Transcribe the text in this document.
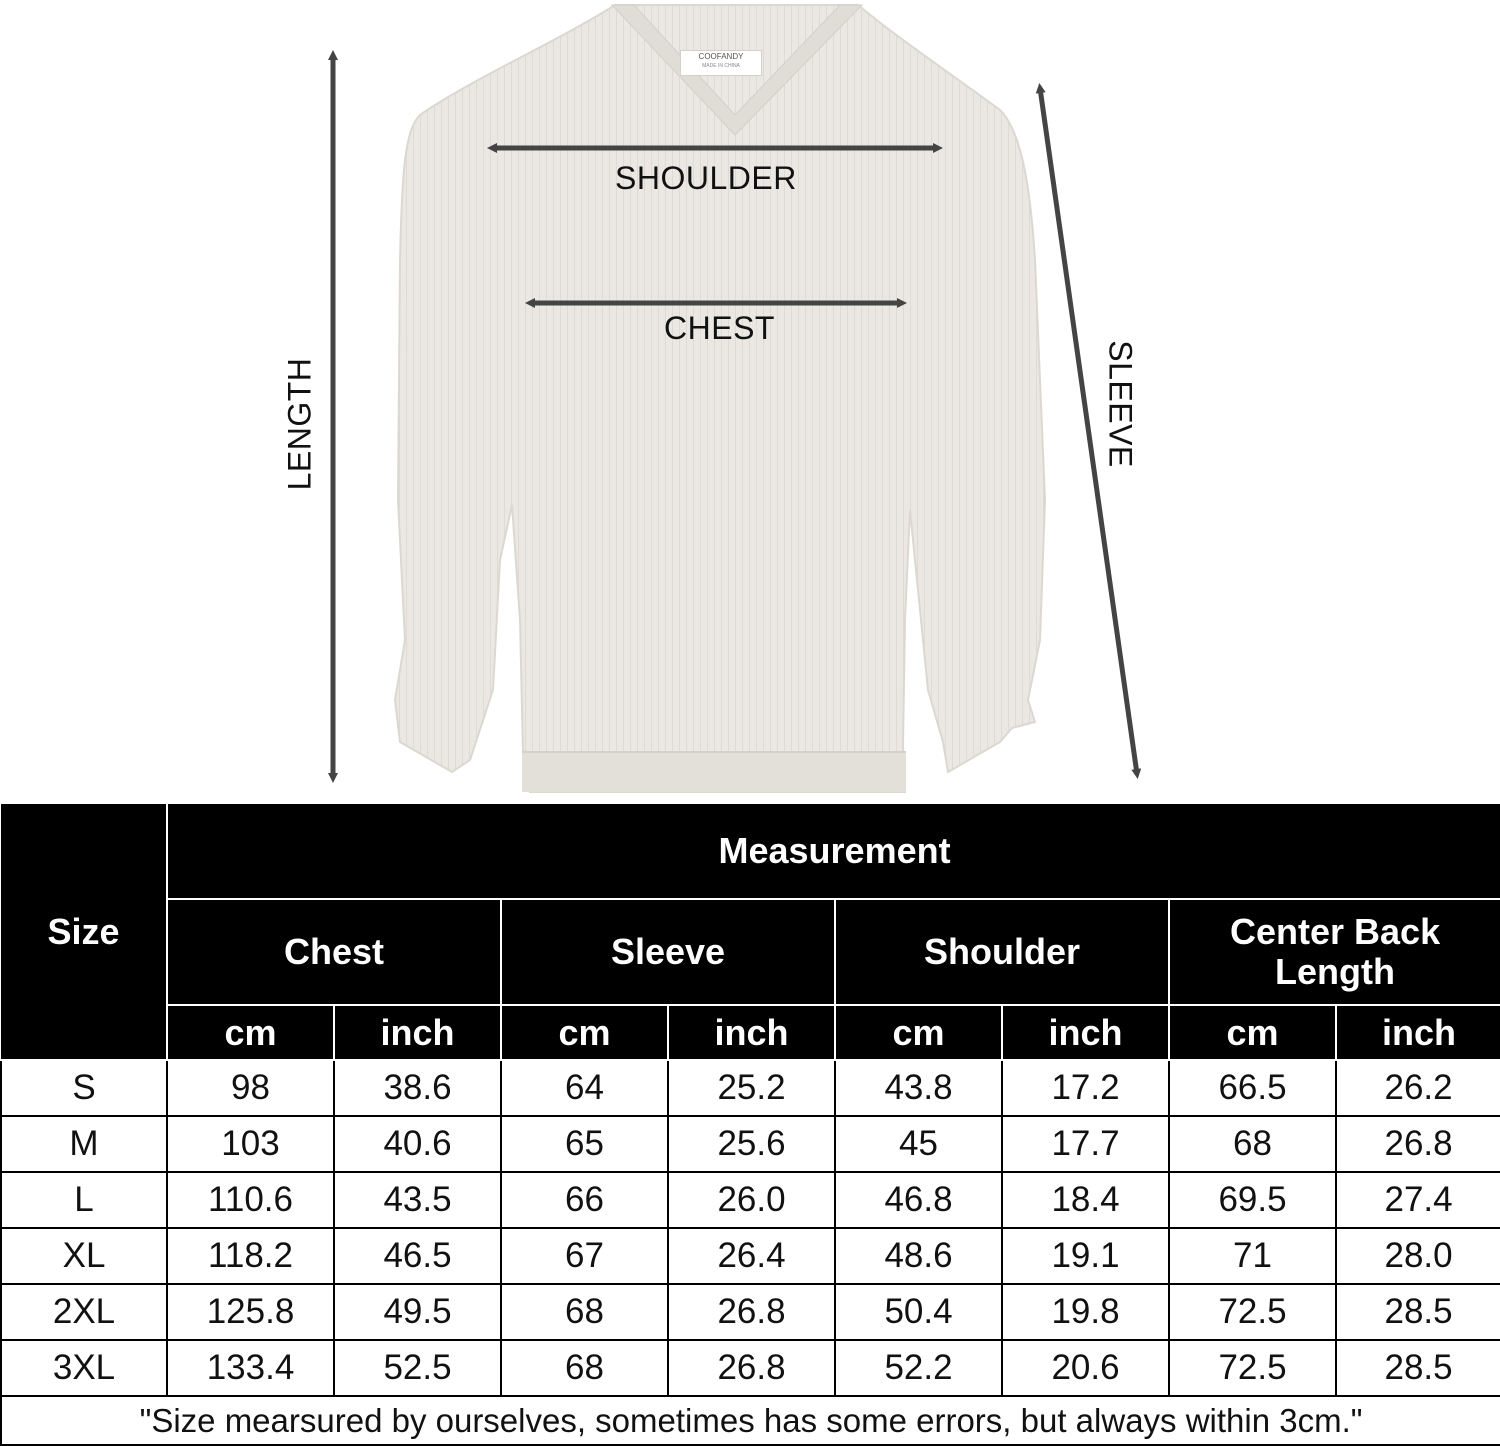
COOFANDY
MADE IN CHINA
SHOULDER
CHEST
LENGTH	SLEEVE
Size	Measurement							
	Chest		Sleeve		Shoulder		Center Back Length	
	cm	inch	cm	inch	cm	inch	cm	inch
S	98	38.6	64	25.2	43.8	17.2	66.5	26.2
M	103	40.6	65	25.6	45	17.7	68	26.8
L	110.6	43.5	66	26.0	46.8	18.4	69.5	27.4
XL	118.2	46.5	67	26.4	48.6	19.1	71	28.0
2XL	125.8	49.5	68	26.8	50.4	19.8	72.5	28.5
3XL	133.4	52.5	68	26.8	52.2	20.6	72.5	28.5
"Size mearsured by ourselves, sometimes has some errors, but always within 3cm."								
